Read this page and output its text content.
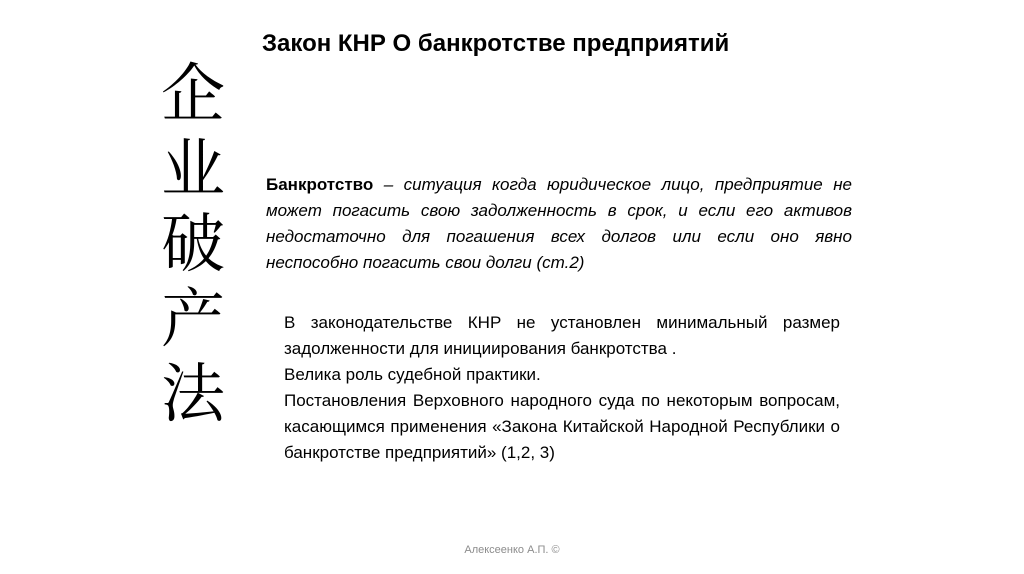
Закон КНР О банкротстве предприятий
企
业
破
产
法
Банкротство – ситуация когда юридическое лицо, предприятие не может погасить свою задолженность в срок, и если его активов недостаточно для погашения всех долгов или если оно явно неспособно погасить свои долги (ст.2)

В законодательстве КНР не установлен минимальный размер задолженности для инициирования банкротства .

Велика роль судебной практики.

Постановления Верховного народного суда по некоторым вопросам, касающимся применения «Закона Китайской Народной Республики о банкротстве предприятий» (1,2, 3)

Алексеенко А.П. ©
